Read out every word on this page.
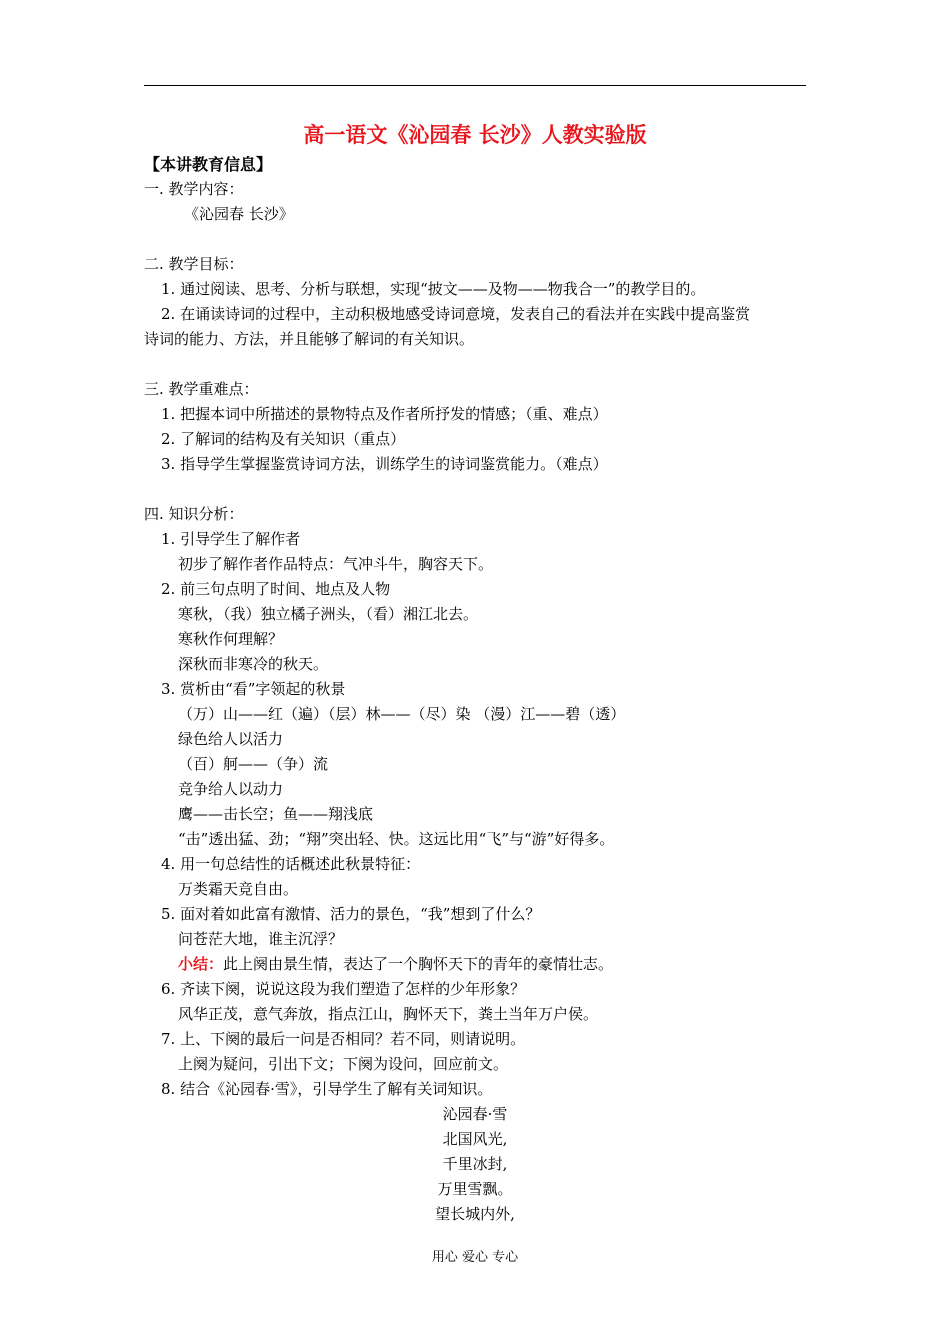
高一语文《沁园春 长沙》人教实验版
【本讲教育信息】
一. 教学内容：
《沁园春 长沙》
二. 教学目标：
1. 通过阅读、思考、分析与联想，实现“披文——及物——物我合一”的教学目的。
2. 在诵读诗词的过程中，主动积极地感受诗词意境，发表自己的看法并在实践中提高鉴赏
诗词的能力、方法，并且能够了解词的有关知识。
三. 教学重难点：
1. 把握本词中所描述的景物特点及作者所抒发的情感；（重、难点）
2. 了解词的结构及有关知识（重点）
3. 指导学生掌握鉴赏诗词方法，训练学生的诗词鉴赏能力。（难点）
四. 知识分析：
1. 引导学生了解作者
初步了解作者作品特点：气冲斗牛，胸容天下。
2. 前三句点明了时间、地点及人物
寒秋，（我）独立橘子洲头，（看）湘江北去。
寒秋作何理解？
深秋而非寒冷的秋天。
3. 赏析由“看”字领起的秋景
（万）山——红（遍）（层）林——（尽）染 （漫）江——碧（透）
绿色给人以活力
（百）舸——（争）流
竞争给人以动力
鹰——击长空；鱼——翔浅底
“击”透出猛、劲；“翔”突出轻、快。这远比用“飞”与“游”好得多。
4. 用一句总结性的话概述此秋景特征：
万类霜天竞自由。
5. 面对着如此富有激情、活力的景色，“我”想到了什么？
问苍茫大地，谁主沉浮？
小结：此上阕由景生情，表达了一个胸怀天下的青年的豪情壮志。
6. 齐读下阕，说说这段为我们塑造了怎样的少年形象？
风华正茂，意气奔放，指点江山，胸怀天下，粪土当年万户侯。
7. 上、下阕的最后一问是否相同？若不同，则请说明。
上阕为疑问，引出下文；下阕为设问，回应前文。
8. 结合《沁园春·雪》，引导学生了解有关词知识。
沁园春·雪
北国风光,
千里冰封,
万里雪飘。
望长城内外,
用心 爱心 专心
